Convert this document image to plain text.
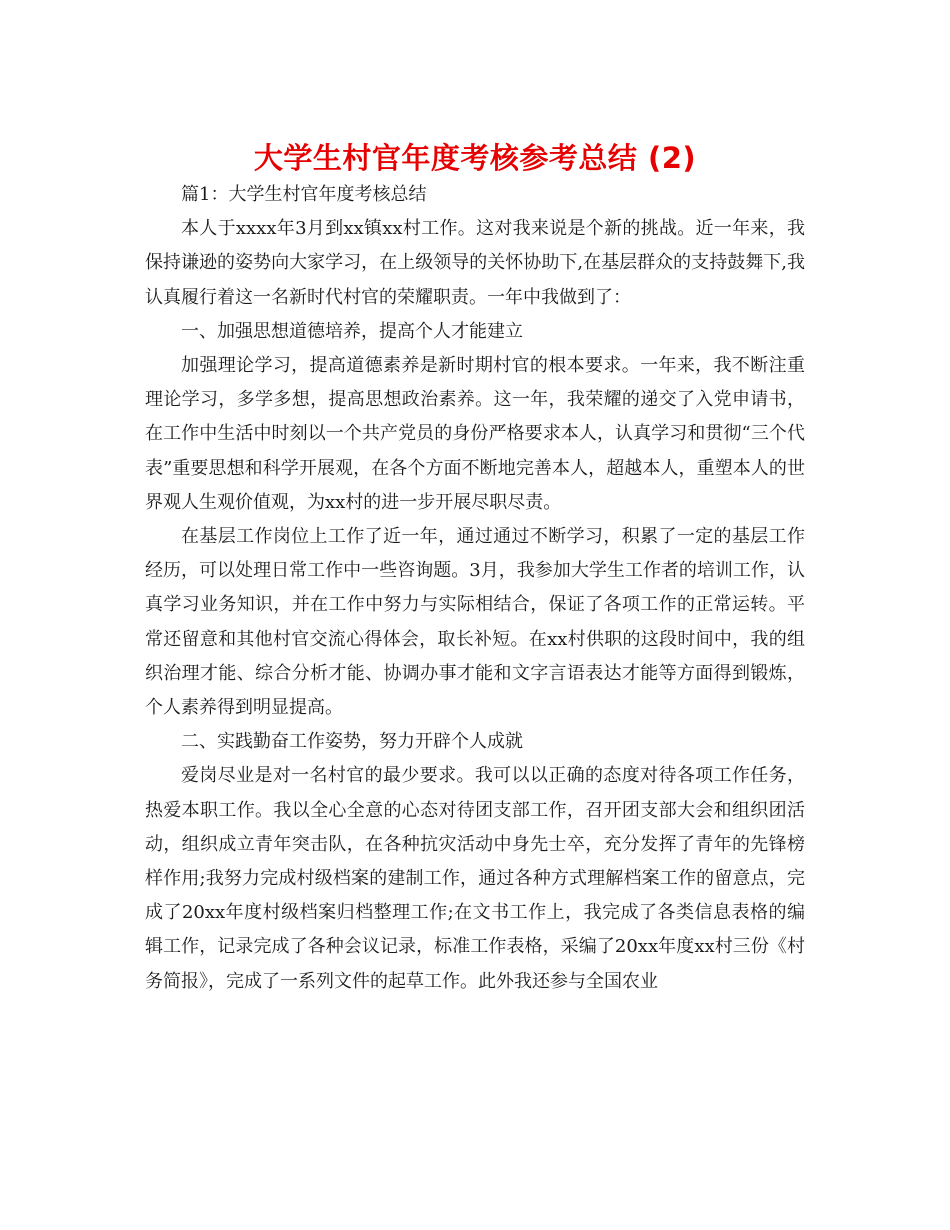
大学生村官年度考核参考总结 (2)

篇1：大学生村官年度考核总结

本人于xxxx年3月到xx镇xx村工作。这对我来说是个新的挑战。近一年来，我保持谦逊的姿势向大家学习，在上级领导的关怀协助下,在基层群众的支持鼓舞下,我认真履行着这一名新时代村官的荣耀职责。一年中我做到了：

一、加强思想道德培养，提高个人才能建立

加强理论学习，提高道德素养是新时期村官的根本要求。一年来，我不断注重理论学习，多学多想，提高思想政治素养。这一年，我荣耀的递交了入党申请书，在工作中生活中时刻以一个共产党员的身份严格要求本人，认真学习和贯彻“三个代表”重要思想和科学开展观，在各个方面不断地完善本人，超越本人，重塑本人的世界观人生观价值观，为xx村的进一步开展尽职尽责。

在基层工作岗位上工作了近一年，通过通过不断学习，积累了一定的基层工作经历，可以处理日常工作中一些咨询题。3月，我参加大学生工作者的培训工作，认真学习业务知识，并在工作中努力与实际相结合，保证了各项工作的正常运转。平常还留意和其他村官交流心得体会，取长补短。在xx村供职的这段时间中，我的组织治理才能、综合分析才能、协调办事才能和文字言语表达才能等方面得到锻炼，个人素养得到明显提高。

二、实践勤奋工作姿势，努力开辟个人成就

爱岗尽业是对一名村官的最少要求。我可以以正确的态度对待各项工作任务，热爱本职工作。我以全心全意的心态对待团支部工作，召开团支部大会和组织团活动，组织成立青年突击队，在各种抗灾活动中身先士卒，充分发挥了青年的先锋榜样作用;我努力完成村级档案的建制工作，通过各种方式理解档案工作的留意点，完成了20xx年度村级档案归档整理工作;在文书工作上，我完成了各类信息表格的编辑工作，记录完成了各种会议记录，标准工作表格，采编了20xx年度xx村三份《村务简报》，完成了一系列文件的起草工作。此外我还参与全国农业
